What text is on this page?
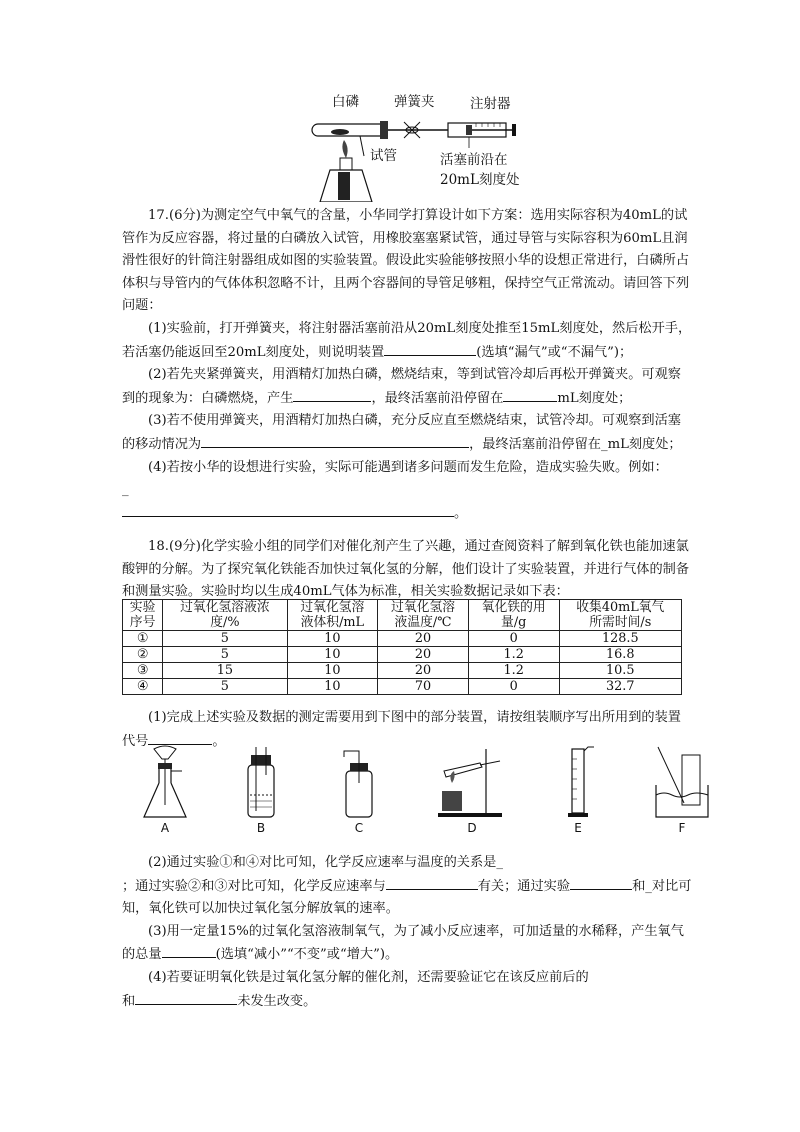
白磷	弹簧夹	注射器
试管	活塞前沿在
20mL刻度处

17.(6分)为测定空气中氧气的含量，小华同学打算设计如下方案：选用实际容积为40mL的试管作为反应容器，将过量的白磷放入试管，用橡胶塞塞紧试管，通过导管与实际容积为60mL且润滑性很好的针筒注射器组成如图的实验装置。假设此实验能够按照小华的设想正常进行，白磷所占体积与导管内的气体体积忽略不计，且两个容器间的导管足够粗，保持空气正常流动。请回答下列问题：

(1)实验前，打开弹簧夹，将注射器活塞前沿从20mL刻度处推至15mL刻度处，然后松开手，若活塞仍能返回至20mL刻度处，则说明装置	(选填“漏气”或“不漏气”)；

(2)若先夹紧弹簧夹，用酒精灯加热白磷，燃烧结束，等到试管冷却后再松开弹簧夹。可观察到的现象为：白磷燃烧，产生	，最终活塞前沿停留在	mL刻度处；

(3)若不使用弹簧夹，用酒精灯加热白磷，充分反应直至燃烧结束，试管冷却。可观察到活塞的移动情况为	，最终活塞前沿停留在_mL刻度处；

(4)若按小华的设想进行实验，实际可能遇到诸多问题而发生危险，造成实验失败。例如：
_
。

18.(9分)化学实验小组的同学们对催化剂产生了兴趣，通过查阅资料了解到氧化铁也能加速氯酸钾的分解。为了探究氧化铁能否加快过氧化氢的分解，他们设计了实验装置，并进行气体的制备和测量实验。实验时均以生成40mL气体为标准，相关实验数据记录如下表：

实验
序号	过氧化氢溶液浓
度/%	过氧化氢溶
液体积/mL	过氧化氢溶
液温度/℃	氧化铁的用
量/g	收集40mL氧气
所需时间/s
①	5	10	20	0	128.5
②	5	10	20	1.2	16.8
③	15	10	20	1.2	10.5
④	5	10	70	0	32.7

(1)完成上述实验及数据的测定需要用到下图中的部分装置，请按组装顺序写出所用到的装置代号	。

A	B	C	D	E	F

(2)通过实验①和④对比可知，化学反应速率与温度的关系是_
；通过实验②和③对比可知，化学反应速率与	有关；通过实验	和_对比可知，氧化铁可以加快过氧化氢分解放氧的速率。

(3)用一定量15%的过氧化氢溶液制氧气，为了减小反应速率，可加适量的水稀释，产生氧气的总量	(选填“减小”“不变”或“增大”)。

(4)若要证明氧化铁是过氧化氢分解的催化剂，还需要验证它在该反应前后的
和	未发生改变。
